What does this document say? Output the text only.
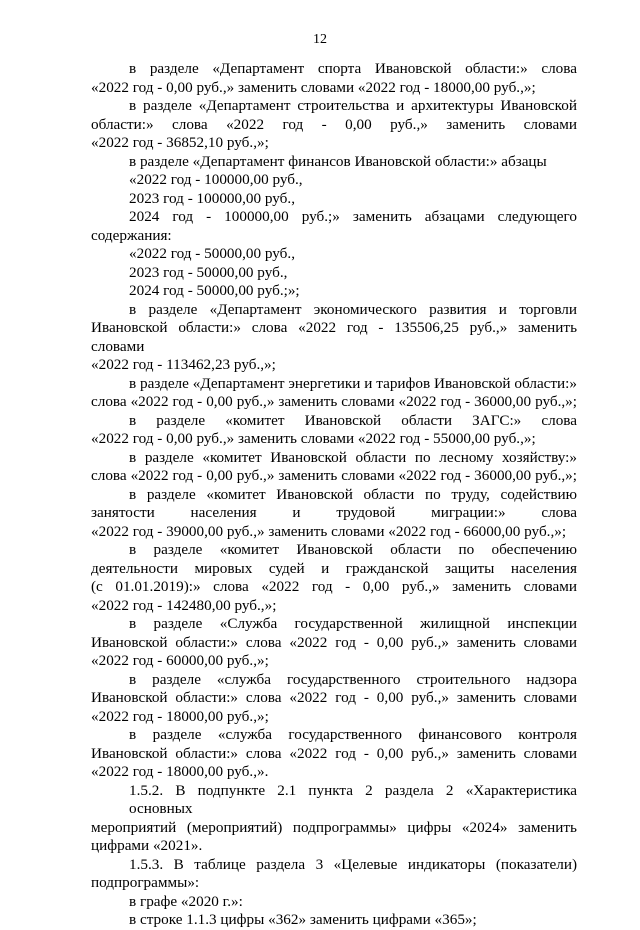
12
в разделе «Департамент спорта Ивановской области:» слова
«2022 год - 0,00 руб.,» заменить словами «2022 год - 18000,00 руб.,»;
в разделе «Департамент строительства и архитектуры Ивановской
области:» слова «2022 год - 0,00 руб.,» заменить словами
«2022 год - 36852,10 руб.,»;
в разделе «Департамент финансов Ивановской области:» абзацы
«2022 год - 100000,00 руб.,
2023 год - 100000,00 руб.,
2024 год - 100000,00 руб.;» заменить абзацами следующего
содержания:
«2022 год - 50000,00 руб.,
2023 год - 50000,00 руб.,
2024 год - 50000,00 руб.;»;
в разделе «Департамент экономического развития и торговли
Ивановской области:» слова «2022 год - 135506,25 руб.,» заменить словами
«2022 год - 113462,23 руб.,»;
в разделе «Департамент энергетики и тарифов Ивановской области:»
слова «2022 год - 0,00 руб.,» заменить словами «2022 год - 36000,00 руб.,»;
в разделе «комитет Ивановской области ЗАГС:» слова
«2022 год - 0,00 руб.,» заменить словами «2022 год - 55000,00 руб.,»;
в разделе «комитет Ивановской области по лесному хозяйству:»
слова «2022 год - 0,00 руб.,» заменить словами «2022 год - 36000,00 руб.,»;
в разделе «комитет Ивановской области по труду, содействию
занятости населения и трудовой миграции:» слова
«2022 год - 39000,00 руб.,» заменить словами «2022 год - 66000,00 руб.,»;
в разделе «комитет Ивановской области по обеспечению
деятельности мировых судей и гражданской защиты населения
(с 01.01.2019):» слова «2022 год - 0,00 руб.,» заменить словами
«2022 год - 142480,00 руб.,»;
в разделе «Служба государственной жилищной инспекции
Ивановской области:» слова «2022 год - 0,00 руб.,» заменить словами
«2022 год - 60000,00 руб.,»;
в разделе «служба государственного строительного надзора
Ивановской области:» слова «2022 год - 0,00 руб.,» заменить словами
«2022 год - 18000,00 руб.,»;
в разделе «служба государственного финансового контроля
Ивановской области:» слова «2022 год - 0,00 руб.,» заменить словами
«2022 год - 18000,00 руб.,».
1.5.2. В подпункте 2.1 пункта 2 раздела 2 «Характеристика основных
мероприятий (мероприятий) подпрограммы» цифры «2024» заменить
цифрами «2021».
1.5.3. В таблице раздела 3 «Целевые индикаторы (показатели)
подпрограммы»:
в графе «2020 г.»:
в строке 1.1.3 цифры «362» заменить цифрами «365»;
